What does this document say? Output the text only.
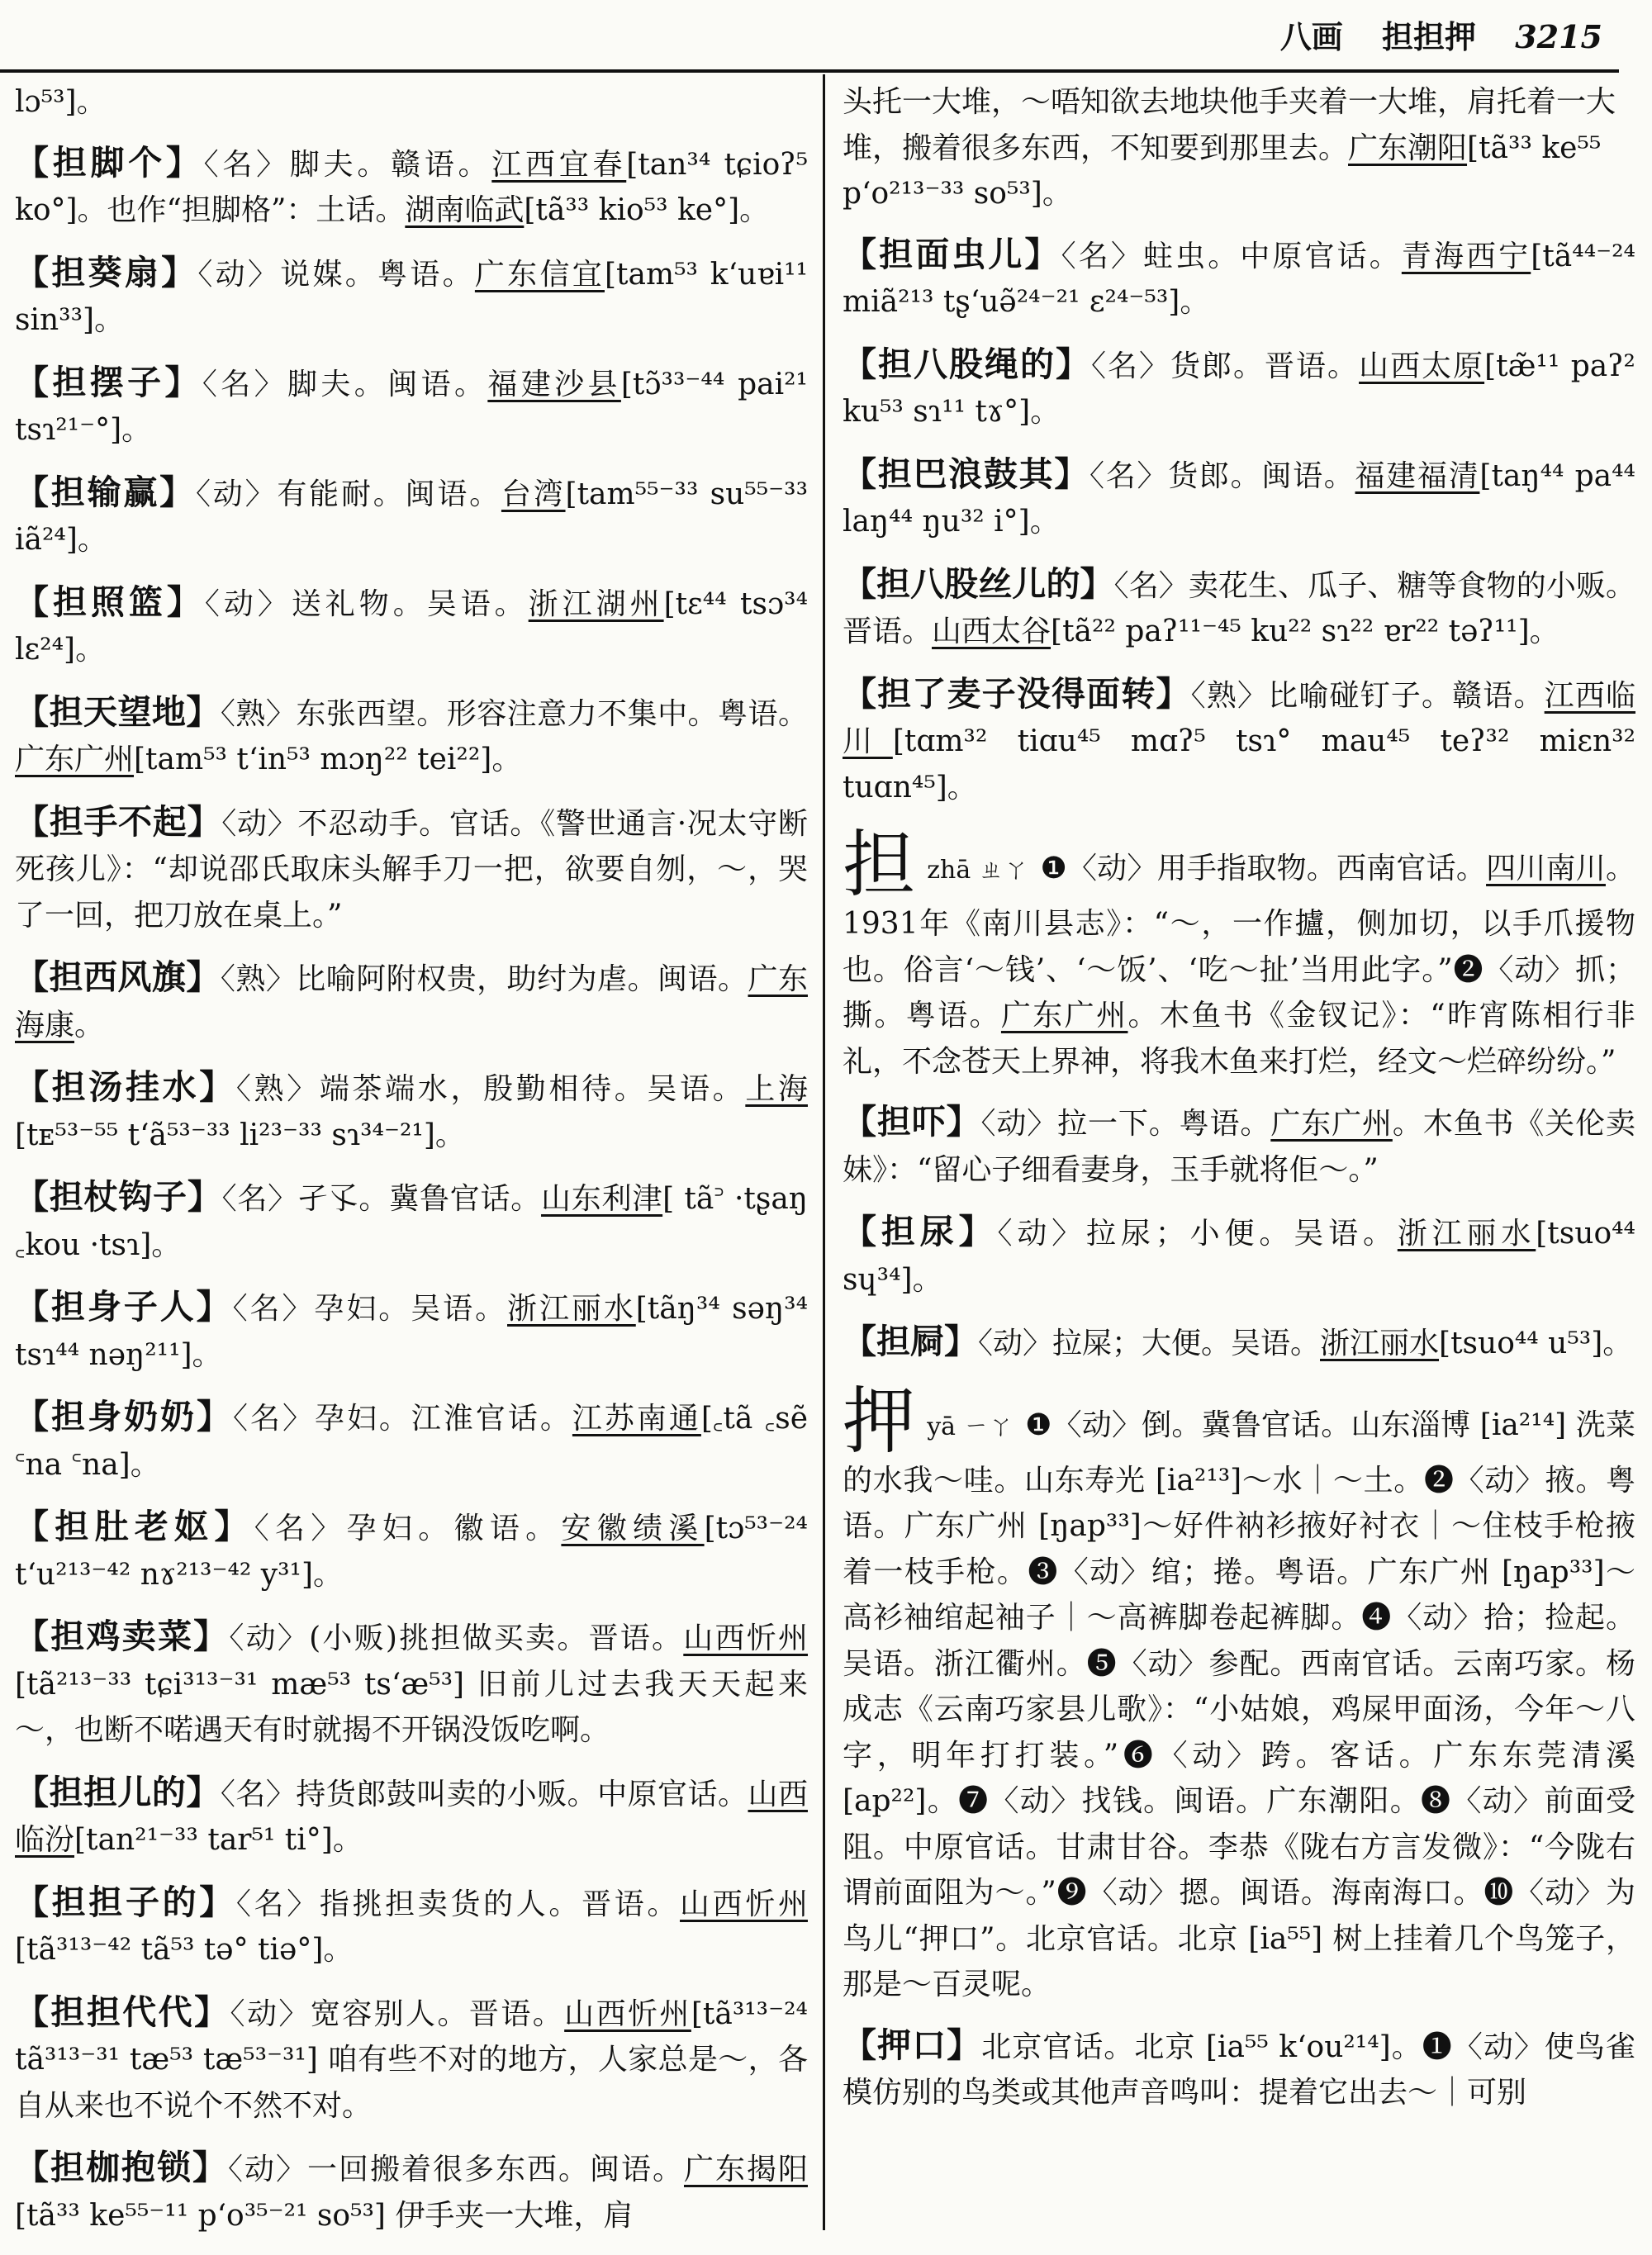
八画 担担押 3215
lɔ⁵³]。
【担脚个】〈名〉脚夫。赣语。江西宜春[tan³⁴ tɕioʔ⁵ ko°]。也作“担脚格”：土话。湖南临武[tã³³ kio⁵³ ke°]。
【担葵扇】〈动〉说媒。粤语。广东信宜[tam⁵³ kʻuɐi¹¹ sin³³]。
【担摆子】〈名〉脚夫。闽语。福建沙县[tɔ̃³³⁻⁴⁴ pai²¹ tsɿ²¹⁻°]。
【担输赢】〈动〉有能耐。闽语。台湾[tam⁵⁵⁻³³ su⁵⁵⁻³³ iã²⁴]。
【担照篮】〈动〉送礼物。吴语。浙江湖州[tɛ⁴⁴ tsɔ³⁴ lɛ²⁴]。
【担天望地】〈熟〉东张西望。形容注意力不集中。粤语。广东广州[tam⁵³ tʻin⁵³ mɔŋ²² tei²²]。
【担手不起】〈动〉不忍动手。官话。《警世通言·况太守断死孩儿》：“却说邵氏取床头解手刀一把，欲要自刎，～，哭了一回，把刀放在桌上。”
【担西风旗】〈熟〉比喻阿附权贵，助纣为虐。闽语。广东海康。
【担汤挂水】〈熟〉端茶端水，殷勤相待。吴语。上海[tᴇ⁵³⁻⁵⁵ tʻã⁵³⁻³³ li²³⁻³³ sɿ³⁴⁻²¹]。
【担杖钩子】〈名〉孑孓。冀鲁官话。山东利津[ tã꜄ ·tʂaŋ ꜀kou ·tsɿ]。
【担身子人】〈名〉孕妇。吴语。浙江丽水[tãŋ³⁴ səŋ³⁴ tsɿ⁴⁴ nəŋ²¹¹]。
【担身奶奶】〈名〉孕妇。江淮官话。江苏南通[꜀tã ꜀sẽ ꜂na ꜂na]。
【担肚老妪】〈名〉孕妇。徽语。安徽绩溪[tɔ⁵³⁻²⁴ tʻu²¹³⁻⁴² nɤ²¹³⁻⁴² y³¹]。
【担鸡卖菜】〈动〉(小贩)挑担做买卖。晋语。山西忻州[tã²¹³⁻³³ tɕi³¹³⁻³¹ mæ⁵³ tsʻæ⁵³] 旧前儿过去我天天起来～，也断不喏遇天有时就揭不开锅没饭吃啊。
【担担儿的】〈名〉持货郎鼓叫卖的小贩。中原官话。山西临汾[tan²¹⁻³³ tar⁵¹ ti°]。
【担担子的】〈名〉指挑担卖货的人。晋语。山西忻州[tã³¹³⁻⁴² tã⁵³ tə° tiə°]。
【担担代代】〈动〉宽容别人。晋语。山西忻州[tã³¹³⁻²⁴ tã³¹³⁻³¹ tæ⁵³ tæ⁵³⁻³¹] 咱有些不对的地方，人家总是～，各自从来也不说个不然不对。
【担枷抱锁】〈动〉一回搬着很多东西。闽语。广东揭阳[tã³³ ke⁵⁵⁻¹¹ pʻo³⁵⁻²¹ so⁵³] 伊手夹一大堆，肩
头托一大堆，～唔知欲去地块他手夹着一大堆，肩托着一大堆，搬着很多东西，不知要到那里去。广东潮阳[tã³³ ke⁵⁵ pʻo²¹³⁻³³ so⁵³]。
【担面虫儿】〈名〉蛀虫。中原官话。青海西宁[tã⁴⁴⁻²⁴ miã²¹³ tʂʻuə̃²⁴⁻²¹ ɛ²⁴⁻⁵³]。
【担八股绳的】〈名〉货郎。晋语。山西太原[tæ̃¹¹ paʔ² ku⁵³ sɿ¹¹ tɤ°]。
【担巴浪鼓其】〈名〉货郎。闽语。福建福清[taŋ⁴⁴ pa⁴⁴ laŋ⁴⁴ ŋu³² i°]。
【担八股丝儿的】〈名〉卖花生、瓜子、糖等食物的小贩。晋语。山西太谷[tã²² paʔ¹¹⁻⁴⁵ ku²² sɿ²² ɐr²² təʔ¹¹]。
【担了麦子没得面转】〈熟〉比喻碰钉子。赣语。江西临川[tɑm³² tiɑu⁴⁵ mɑʔ⁵ tsɿ° mau⁴⁵ teʔ³² miɛn³² tuɑn⁴⁵]。
担zhā ㄓㄚ ❶〈动〉用手指取物。西南官话。四川南川。1931年《南川县志》：“～，一作攎，侧加切，以手爪援物也。俗言‘～钱’、‘～饭’、‘吃～扯’当用此字。”❷〈动〉抓；撕。粤语。广东广州。木鱼书《金钗记》：“昨宵陈相行非礼，不念苍天上界神，将我木鱼来打烂，经文～烂碎纷纷。”
【担吓】〈动〉拉一下。粤语。广东广州。木鱼书《关伦卖妹》：“留心子细看妻身，玉手就将佢～。”
【担尿】〈动〉拉尿；小便。吴语。浙江丽水[tsuo⁴⁴ sɥ³⁴]。
【担屙】〈动〉拉屎；大便。吴语。浙江丽水[tsuo⁴⁴ u⁵³]。
押yā ㄧㄚ ❶〈动〉倒。冀鲁官话。山东淄博 [ia²¹⁴] 洗菜的水我～哇。山东寿光 [ia²¹³]～水｜～土。❷〈动〉掖。粤语。广东广州 [ŋap³³]～好件衲衫掖好衬衣｜～住枝手枪掖着一枝手枪。❸〈动〉绾；捲。粤语。广东广州 [ŋap³³]～高衫袖绾起袖子｜～高裤脚卷起裤脚。❹〈动〉拾；捡起。吴语。浙江衢州。❺〈动〉参配。西南官话。云南巧家。杨成志《云南巧家县儿歌》：“小姑娘，鸡屎甲面汤，今年～八字，明年打打装。”❻〈动〉跨。客话。广东东莞清溪 [ap²²]。❼〈动〉找钱。闽语。广东潮阳。❽〈动〉前面受阻。中原官话。甘肃甘谷。李恭《陇右方言发微》：“今陇右谓前面阻为～。”❾〈动〉摁。闽语。海南海口。❿〈动〉为鸟儿“押口”。北京官话。北京 [ia⁵⁵] 树上挂着几个鸟笼子，那是～百灵呢。
【押口】北京官话。北京 [ia⁵⁵ kʻou²¹⁴]。❶〈动〉使鸟雀模仿别的鸟类或其他声音鸣叫：提着它出去～｜可别
